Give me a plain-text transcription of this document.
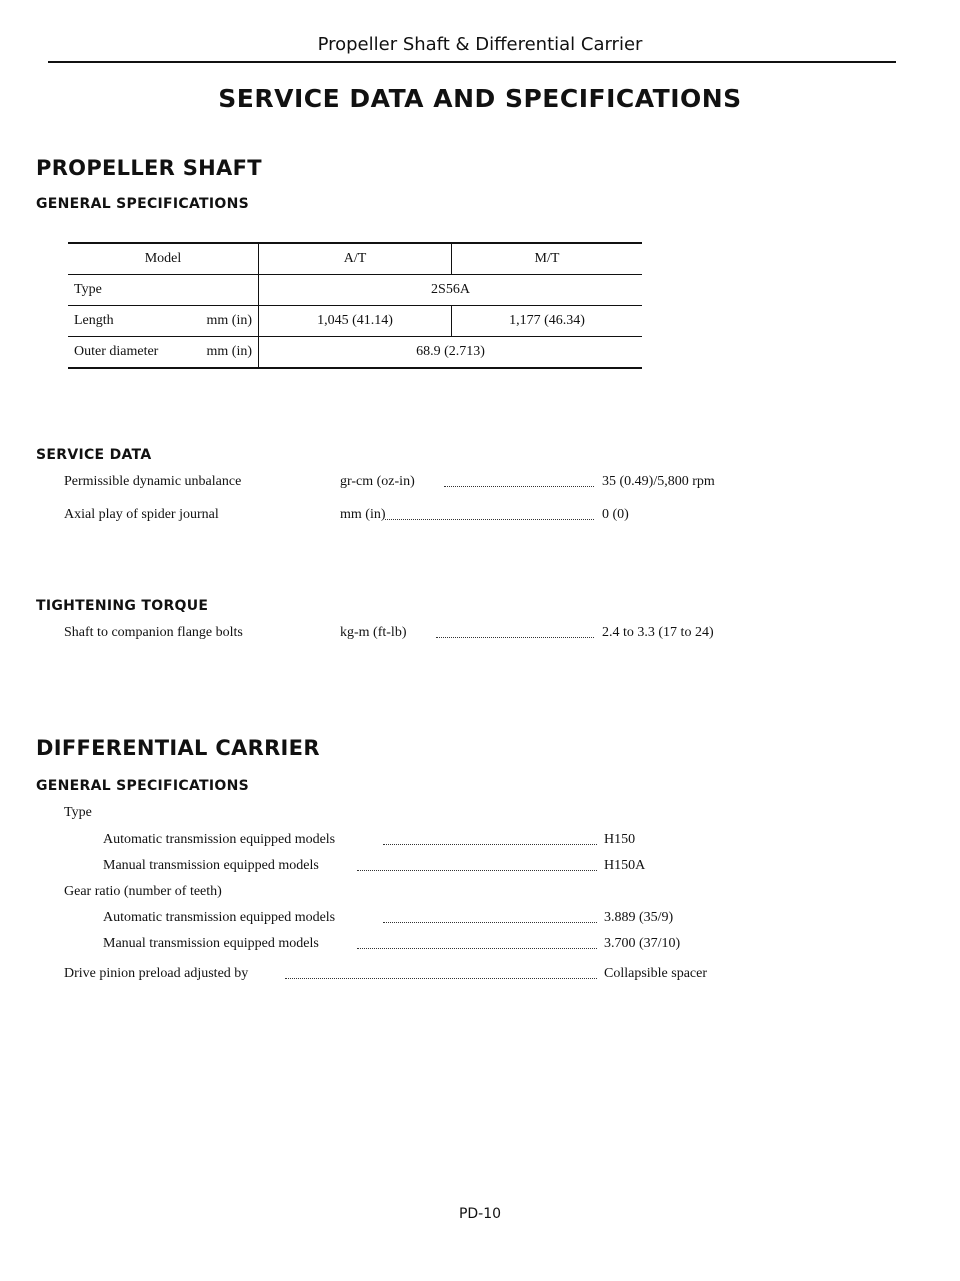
Propeller Shaft & Differential Carrier
SERVICE DATA AND SPECIFICATIONS
PROPELLER SHAFT
GENERAL SPECIFICATIONS
Model	A/T	M/T
Type	2S56A	

Length mm (in)	1,045 (41.14)	1,177 (46.34)

Outer diameter mm (in)	68.9 (2.713)	
SERVICE DATA
Permissible dynamic unbalance	gr-cm (oz-in)	35 (0.49)/5,800 rpm
Axial play of spider journal	mm (in)	0 (0)
TIGHTENING TORQUE
Shaft to companion flange bolts	kg-m (ft-lb)	2.4 to 3.3 (17 to 24)
DIFFERENTIAL CARRIER
GENERAL SPECIFICATIONS
Type
Automatic transmission equipped models	H150
Manual transmission equipped models	H150A
Gear ratio (number of teeth)
Automatic transmission equipped models	3.889 (35/9)
Manual transmission equipped models	3.700 (37/10)
Drive pinion preload adjusted by	Collapsible spacer
PD-10
